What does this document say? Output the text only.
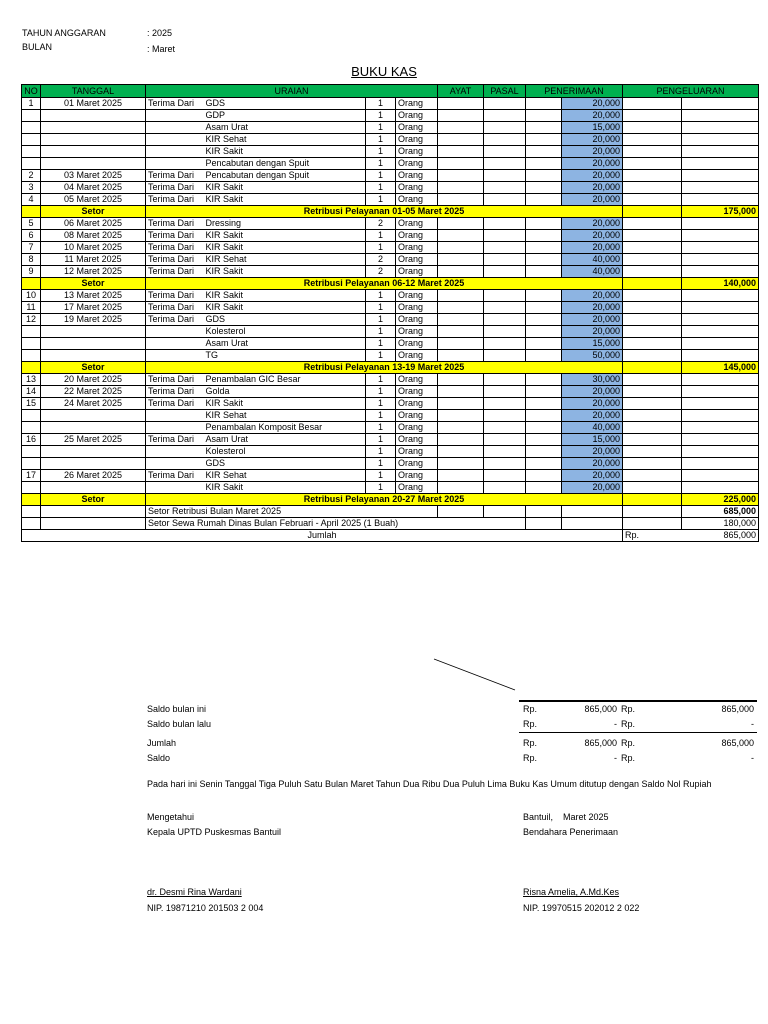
TAHUN ANGGARAN	: 2025
BULAN	: Maret
BUKU KAS
NO	TANGGAL	URAIAN				AYAT	PASAL	PENERIMAAN		PENGELUARAN	
1	01 Maret 2025	Terima Dari	GDS	1	Orang				20,000		
			GDP	1	Orang				20,000		
			Asam Urat	1	Orang				15,000		
			KIR Sehat	1	Orang				20,000		
			KIR Sakit	1	Orang				20,000		
			Pencabutan dengan Spuit	1	Orang				20,000		
2	03 Maret 2025	Terima Dari	Pencabutan dengan Spuit	1	Orang				20,000		
3	04 Maret 2025	Terima Dari	KIR Sakit	1	Orang				20,000		
4	05 Maret 2025	Terima Dari	KIR Sakit	1	Orang				20,000		
	Setor	Retribusi Pelayanan 01-05 Maret 2025									175,000
5	06 Maret 2025	Terima Dari	Dressing	2	Orang				20,000		
6	08 Maret 2025	Terima Dari	KIR Sakit	1	Orang				20,000		
7	10 Maret 2025	Terima Dari	KIR Sakit	1	Orang				20,000		
8	11 Maret 2025	Terima Dari	KIR Sehat	2	Orang				40,000		
9	12 Maret 2025	Terima Dari	KIR Sakit	2	Orang				40,000		
	Setor	Retribusi Pelayanan 06-12 Maret 2025									140,000
10	13 Maret 2025	Terima Dari	KIR Sakit	1	Orang				20,000		
11	17 Maret 2025	Terima Dari	KIR Sakit	1	Orang				20,000		
12	19 Maret 2025	Terima Dari	GDS	1	Orang				20,000		
			Kolesterol	1	Orang				20,000		
			Asam Urat	1	Orang				15,000		
			TG	1	Orang				50,000		
	Setor	Retribusi Pelayanan 13-19 Maret 2025									145,000
13	20 Maret 2025	Terima Dari	Penambalan GIC Besar	1	Orang				30,000		
14	22 Maret 2025	Terima Dari	Golda	1	Orang				20,000		
15	24 Maret 2025	Terima Dari	KIR Sakit	1	Orang				20,000		
			KIR Sehat	1	Orang				20,000		
			Penambalan Komposit Besar	1	Orang				40,000		
16	25 Maret 2025	Terima Dari	Asam Urat	1	Orang				15,000		
			Kolesterol	1	Orang				20,000		
			GDS	1	Orang				20,000		
17	26 Maret 2025	Terima Dari	KIR Sehat	1	Orang				20,000		
			KIR Sakit	1	Orang				20,000		
	Setor	Retribusi Pelayanan 20-27 Maret 2025									225,000
		Setor Retribusi Bulan Maret 2025									685,000
		Setor Sewa Rumah Dinas Bulan Februari - April 2025 (1 Buah)									180,000
Jumlah										Rp.	865,000
Saldo bulan ini	Rp.	865,000 Rp.	865,000
Saldo bulan lalu	Rp.	- Rp.	-
Jumlah	Rp.	865,000 Rp.	865,000
Saldo	Rp.	- Rp.	-
Pada hari ini Senin Tanggal Tiga Puluh Satu Bulan Maret Tahun Dua Ribu Dua Puluh Lima Buku Kas Umum ditutup dengan Saldo Nol Rupiah
Mengetahui
Kepala UPTD Puskesmas Bantuil
dr. Desmi Rina Wardani
NIP. 19871210 201503 2 004
Bantuil,    Maret 2025
Bendahara Penerimaan
Risna Amelia, A.Md.Kes
NIP. 19970515 202012 2 022
